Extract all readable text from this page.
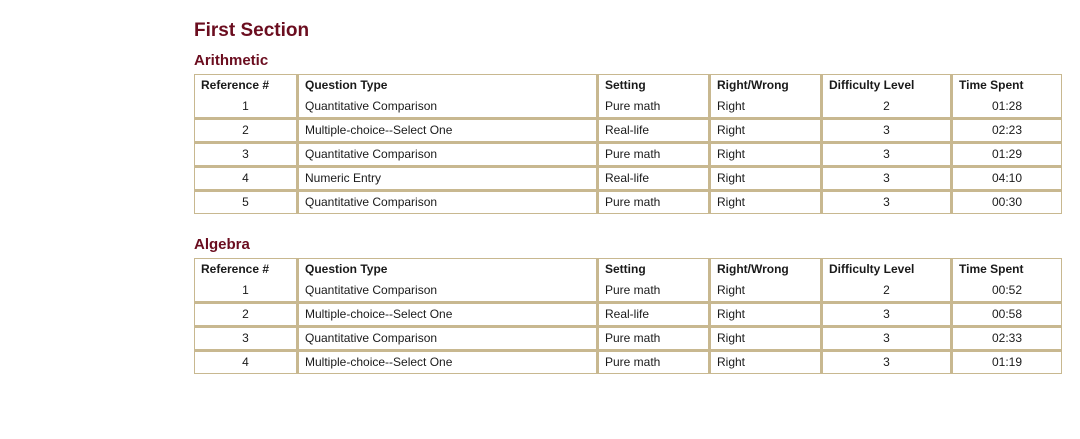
First Section
Arithmetic
Reference #	Question Type	Setting	Right/Wrong	Difficulty Level	Time Spent
1	Quantitative Comparison	Pure math	Right	2	01:28
2	Multiple-choice--Select One	Real-life	Right	3	02:23
3	Quantitative Comparison	Pure math	Right	3	01:29
4	Numeric Entry	Real-life	Right	3	04:10
5	Quantitative Comparison	Pure math	Right	3	00:30
Algebra
Reference #	Question Type	Setting	Right/Wrong	Difficulty Level	Time Spent
1	Quantitative Comparison	Pure math	Right	2	00:52
2	Multiple-choice--Select One	Real-life	Right	3	00:58
3	Quantitative Comparison	Pure math	Right	3	02:33
4	Multiple-choice--Select One	Pure math	Right	3	01:19
